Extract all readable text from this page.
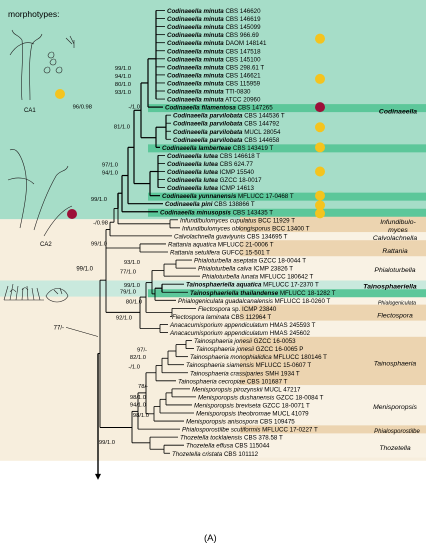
Codinaeella minuta CBS 146620
Codinaeella minuta CBS 146619
Codinaeella minuta CBS 145099
Codinaeella minuta CBS 966.69
Codinaeella minuta DAOM 148141
Codinaeella minuta CBS 147518
Codinaeella minuta CBS 145100
Codinaeella minuta CBS 298.61 T
Codinaeella minuta CBS 146621
Codinaeella minuta CBS 115959
Codinaeella minuta TTI-0830
Codinaeella minuta ATCC 20960
Codinaeella filamentosa CBS 147265
Codinaeella parvilobata CBS 144536 T
Codinaeella parvilobata CBS 144792
Codinaeella parvilobata MUCL 28054
Codinaeella parvilobata CBS 144658
Codinaeella lamberteae CBS 143419 T
Codinaeella lutea CBS 146618 T
Codinaeella lutea CBS 624.77
Codinaeella lutea ICMP 15540
Codinaeella lutea GZCC 18-0017
Codinaeella lutea ICMP 14613
Codinaeella yunnanensis MFLUCC 17-0468 T
Codinaeella pini CBS 138866 T
Codinaeella minusopsis CBS 143435 T
Infundibulomyces cupulatus BCC 11929 T
Infundibulomyces oblongisporus BCC 13400 T
Calvolachnella guaviyunis CBS 134695 T
Rattania aquatica MFLUCC 21-0006 T
Rattania setulifera GUFCC 15-501 T
Phialoturbella aseptata GZCC 18-0044 T
Phialoturbella calva ICMP 23826 T
Phialoturbella lunata MFLUCC 180642 T
Tainosphaeriella aquatica MFLUCC 17-2370 T
Tainosphaeriella thailandense MFLUCC 18-1282 T
Phialogeniculata guadalcanalensis MFLUCC 18-0260 T
Flectospora sp. ICMP 23840
Flectospora laminata CBS 112964 T
Anacacumisporium appendiculatum HMAS 245593 T
Anacacumisporium appendiculatum HMAS 245602
Tainosphaeria jonesii GZCC 16-0053
Tainosphaeria jonesii GZCC 16-0065 P
Tainosphaeria monophialidica MFLUCC 180146 T
Tainosphaeria siamensis MFLUCC 15-0607 T
Tainosphaeria crassiparies SMH 1934 T
Tainosphaeria cecropiae CBS 101687 T
Menisporopsis pirozynskii MUCL 47217
Menisporopsis dushanensis GZCC 18-0084 T
Menisporopsis breviseta GZCC 18-0071 T
Menisporopsis theobromae MUCL 41079
Menisporopsis anisospora CBS 109475
Phialosporostilbe scutiformis MFLUCC 17-0227 T
Thozetella tocklaiensis CBS 378.58 T
Thozetella effusa CBS 115044
Thozetella cristata CBS 101112
99/1.0
94/1.0
80/1.0
93/1.0
96/0.98	-/1.0
81/1.0
97/1.0
94/1.0
99/1.0
-/0.98
99/1.0
93/1.0
77/1.0
99/1.0
79/1.0
80/1.0
92/1.0
97/-
82/1.0
-/1.0
78/-
98/1.0
94/1.0
98/1.0
99/1.0
99/1.0
77/-
Codinaeella
Infundibulo-
myces
Calvolachnella
Rattania
Phialoturbella
Tainosphaeriella
Phialogeniculata
Flectospora
Tainosphaeria
Menisporopsis
Phialosporostilbe
Thozetella
morphotypes:
CA1
CA2
(A)
